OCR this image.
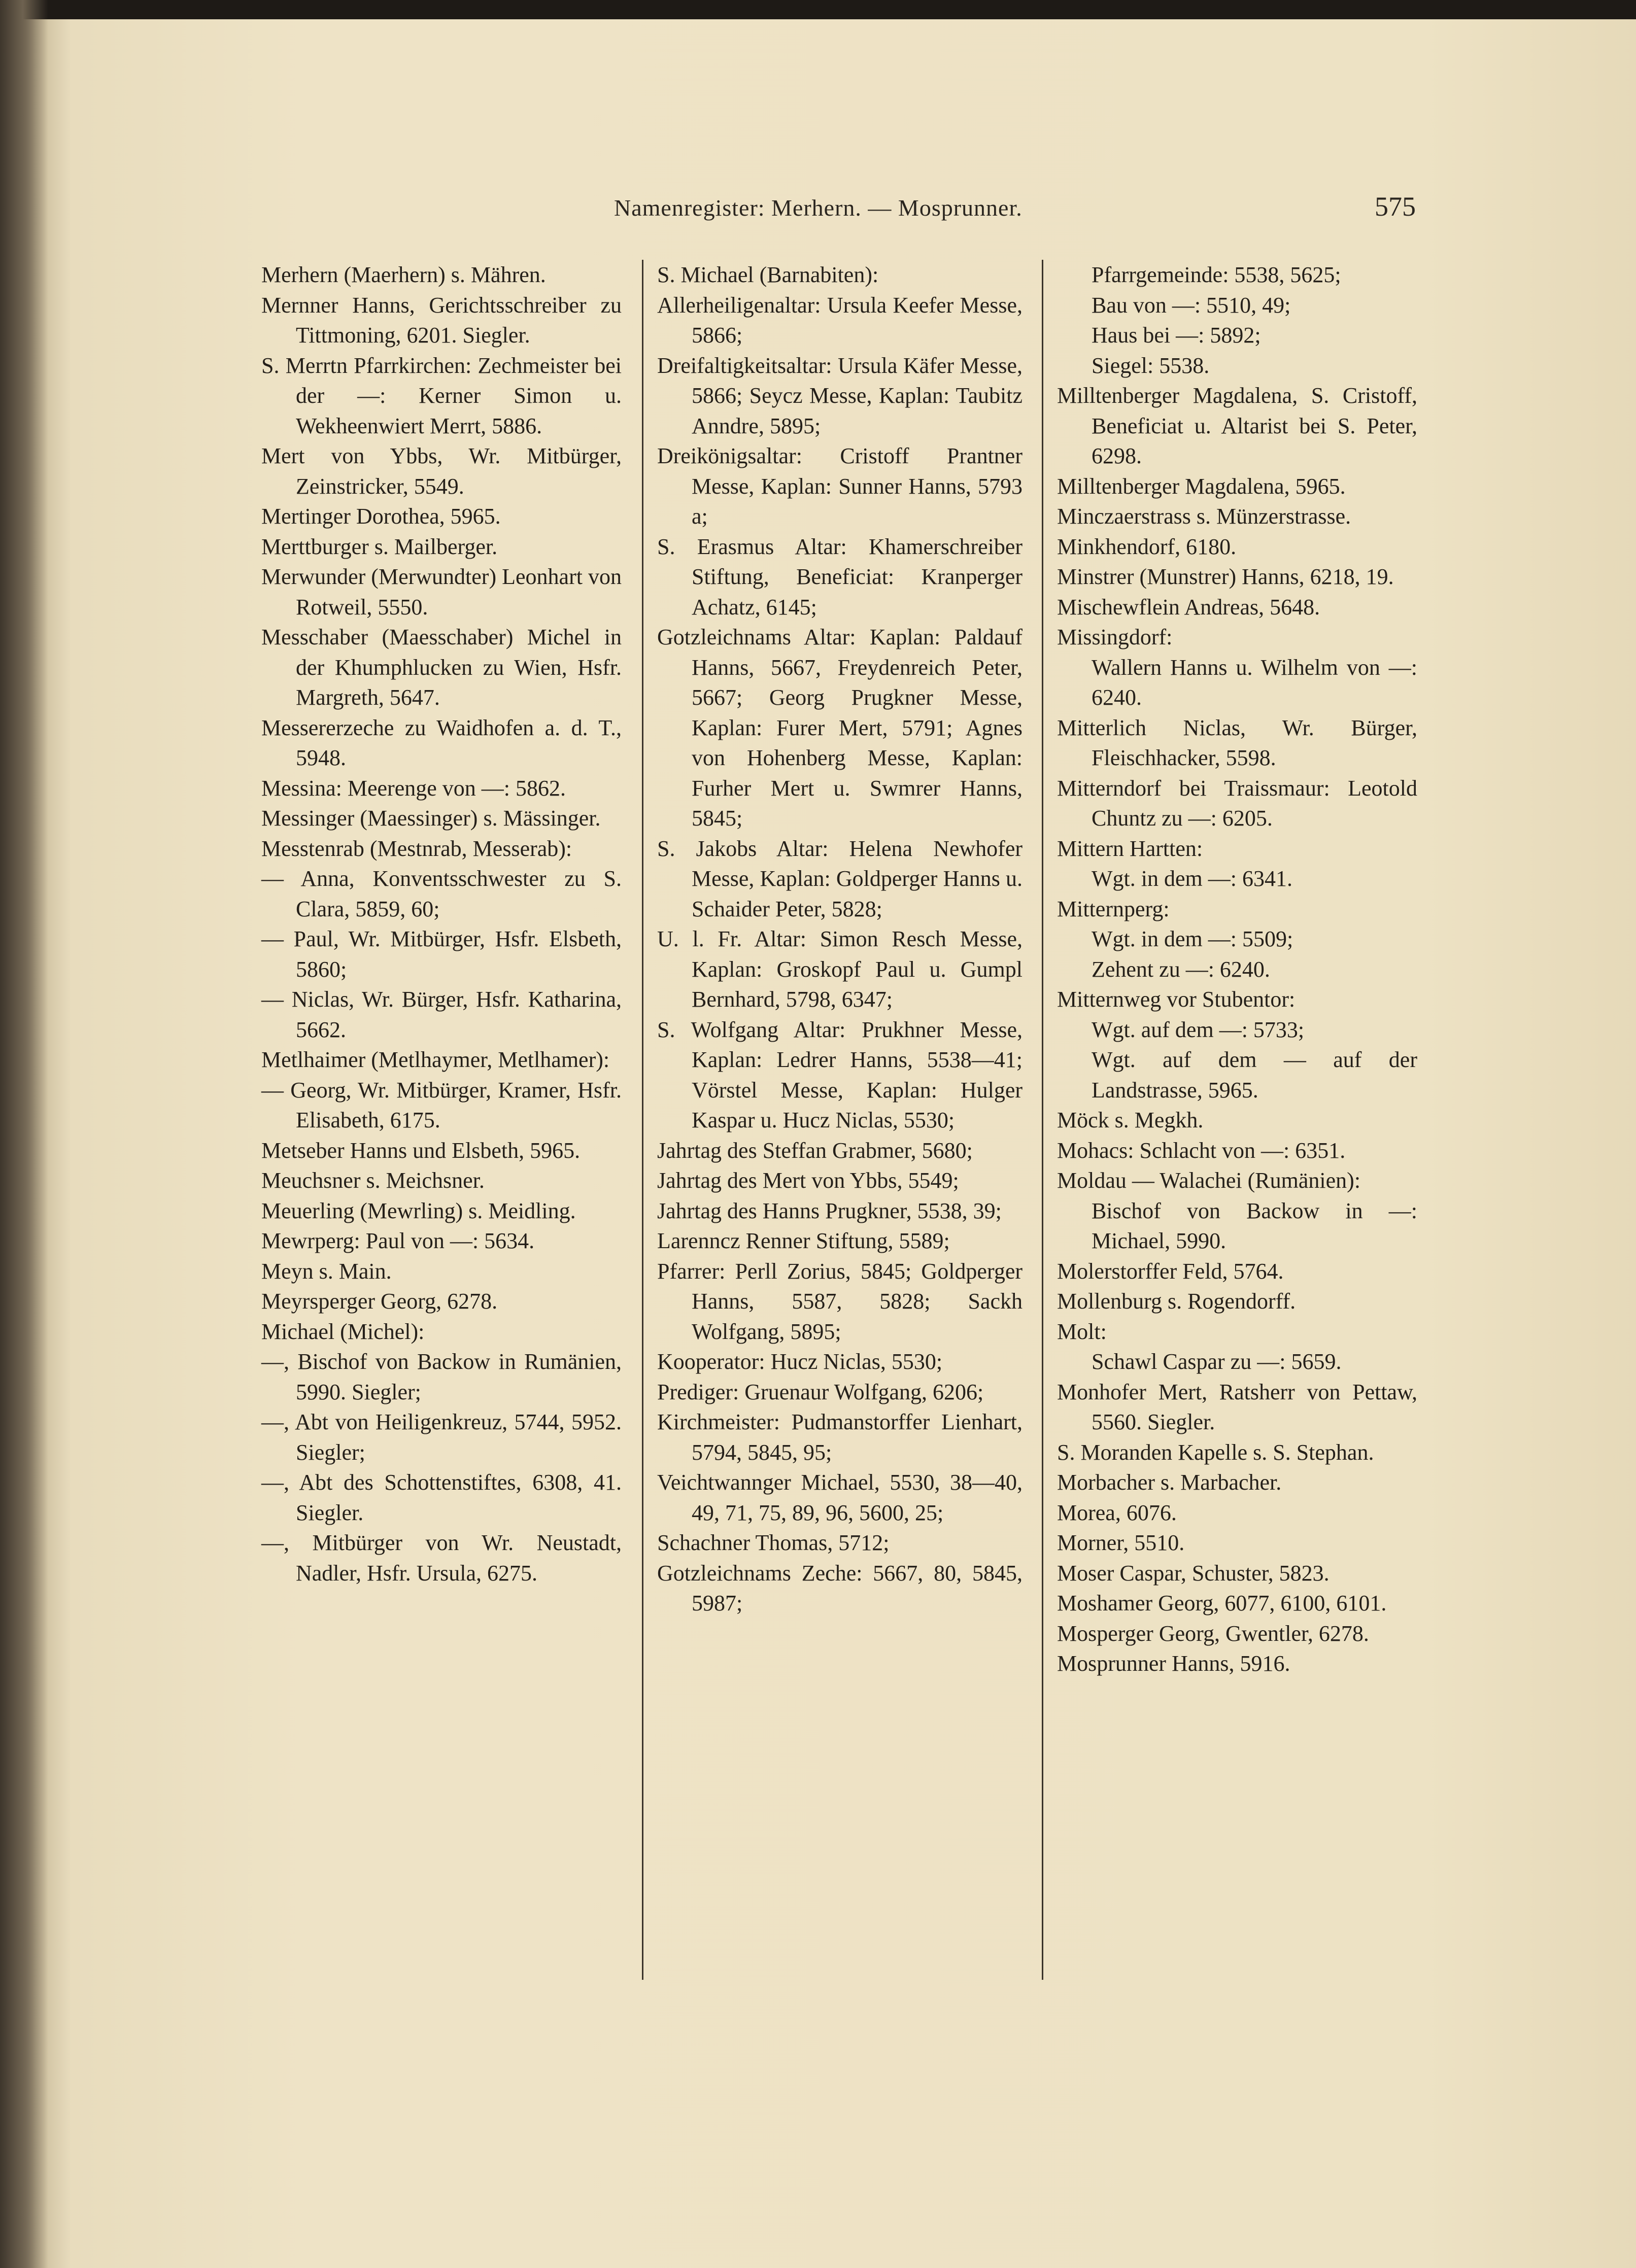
Namenregister: Merhern. — Mosprunner.	575

Merhern (Maerhern) s. Mähren.

Mernner Hanns, Gerichtsschreiber zu Tittmoning, 6201. Siegler.

S. Merrtn Pfarrkirchen: Zechmeister bei der —: Kerner Simon u. Wekheenwiert Merrt, 5886.

Mert von Ybbs, Wr. Mitbürger, Zeinstricker, 5549.

Mertinger Dorothea, 5965.

Merttburger s. Mailberger.

Merwunder (Merwundter) Leonhart von Rotweil, 5550.

Messchaber (Maesschaber) Michel in der Khumphlucken zu Wien, Hsfr. Margreth, 5647.

Messererzeche zu Waidhofen a. d. T., 5948.

Messina: Meerenge von —: 5862.

Messinger (Maessinger) s. Mässinger.

Messtenrab (Mestnrab, Messerab):

— Anna, Konventsschwester zu S. Clara, 5859, 60;

— Paul, Wr. Mitbürger, Hsfr. Elsbeth, 5860;

— Niclas, Wr. Bürger, Hsfr. Katharina, 5662.

Metlhaimer (Metlhaymer, Metlhamer):

— Georg, Wr. Mitbürger, Kramer, Hsfr. Elisabeth, 6175.

Metseber Hanns und Elsbeth, 5965.

Meuchsner s. Meichsner.

Meuerling (Mewrling) s. Meidling.

Mewrperg: Paul von —: 5634.

Meyn s. Main.

Meyrsperger Georg, 6278.

Michael (Michel):

—, Bischof von Backow in Rumänien, 5990. Siegler;

—, Abt von Heiligenkreuz, 5744, 5952. Siegler;

—, Abt des Schottenstiftes, 6308, 41. Siegler.

—, Mitbürger von Wr. Neustadt, Nadler, Hsfr. Ursula, 6275.

S. Michael (Barnabiten):

Allerheiligenaltar: Ursula Keefer Messe, 5866;

Dreifaltigkeitsaltar: Ursula Käfer Messe, 5866; Seycz Messe, Kaplan: Taubitz Anndre, 5895;

Dreikönigsaltar: Cristoff Prantner Messe, Kaplan: Sunner Hanns, 5793 a;

S. Erasmus Altar: Khamerschreiber Stiftung, Beneficiat: Kranperger Achatz, 6145;

Gotzleichnams Altar: Kaplan: Paldauf Hanns, 5667, Freydenreich Peter, 5667; Georg Prugkner Messe, Kaplan: Furer Mert, 5791; Agnes von Hohenberg Messe, Kaplan: Furher Mert u. Swmrer Hanns, 5845;

S. Jakobs Altar: Helena Newhofer Messe, Kaplan: Goldperger Hanns u. Schaider Peter, 5828;

U. l. Fr. Altar: Simon Resch Messe, Kaplan: Groskopf Paul u. Gumpl Bernhard, 5798, 6347;

S. Wolfgang Altar: Prukhner Messe, Kaplan: Ledrer Hanns, 5538—41; Vörstel Messe, Kaplan: Hulger Kaspar u. Hucz Niclas, 5530;

Jahrtag des Steffan Grabmer, 5680;

Jahrtag des Mert von Ybbs, 5549;

Jahrtag des Hanns Prugkner, 5538, 39;

Larenncz Renner Stiftung, 5589;

Pfarrer: Perll Zorius, 5845; Goldperger Hanns, 5587, 5828; Sackh Wolfgang, 5895;

Kooperator: Hucz Niclas, 5530;

Prediger: Gruenaur Wolfgang, 6206;

Kirchmeister: Pudmanstorffer Lienhart, 5794, 5845, 95;

Veichtwannger Michael, 5530, 38—40, 49, 71, 75, 89, 96, 5600, 25;

Schachner Thomas, 5712;

Gotzleichnams Zeche: 5667, 80, 5845, 5987;

Pfarrgemeinde: 5538, 5625;

Bau von —: 5510, 49;

Haus bei —: 5892;

Siegel: 5538.

Milltenberger Magdalena, S. Cristoff, Beneficiat u. Altarist bei S. Peter, 6298.

Milltenberger Magdalena, 5965.

Minczaerstrass s. Münzerstrasse.

Minkhendorf, 6180.

Minstrer (Munstrer) Hanns, 6218, 19.

Mischewflein Andreas, 5648.

Missingdorf:

Wallern Hanns u. Wilhelm von —: 6240.

Mitterlich Niclas, Wr. Bürger, Fleischhacker, 5598.

Mitterndorf bei Traissmaur: Leotold Chuntz zu —: 6205.

Mittern Hartten:

Wgt. in dem —: 6341.

Mitternperg:

Wgt. in dem —: 5509;

Zehent zu —: 6240.

Mitternweg vor Stubentor:

Wgt. auf dem —: 5733;

Wgt. auf dem — auf der Landstrasse, 5965.

Möck s. Megkh.

Mohacs: Schlacht von —: 6351.

Moldau — Walachei (Rumänien):

Bischof von Backow in —: Michael, 5990.

Molerstorffer Feld, 5764.

Mollenburg s. Rogendorff.

Molt:

Schawl Caspar zu —: 5659.

Monhofer Mert, Ratsherr von Pettaw, 5560. Siegler.

S. Moranden Kapelle s. S. Stephan.

Morbacher s. Marbacher.

Morea, 6076.

Morner, 5510.

Moser Caspar, Schuster, 5823.

Moshamer Georg, 6077, 6100, 6101.

Mosperger Georg, Gwentler, 6278.

Mosprunner Hanns, 5916.
